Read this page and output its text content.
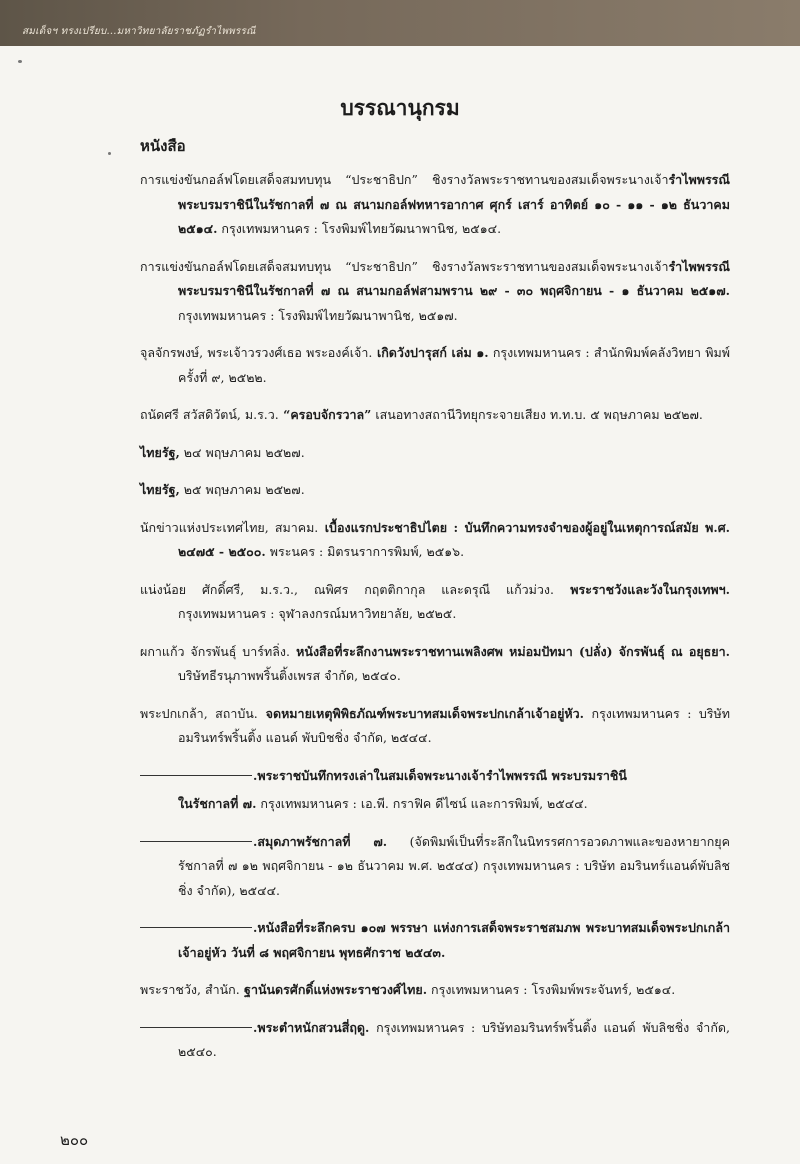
สมเด็จฯ ทรงเปรียบ...มหาวิทยาลัยราชภัฏรำไพพรรณี
บรรณานุกรม
หนังสือ

การแข่งขันกอล์ฟโดยเสด็จสมทบทุน “ประชาธิปก” ชิงรางวัลพระราชทานของสมเด็จพระนางเจ้ารำไพพรรณี พระบรมราชินีในรัชกาลที่ ๗ ณ สนามกอล์ฟทหารอากาศ ศุกร์ เสาร์ อาทิตย์ ๑๐ - ๑๑ - ๑๒ ธันวาคม ๒๕๑๔. กรุงเทพมหานคร : โรงพิมพ์ไทยวัฒนาพานิช, ๒๕๑๔.

การแข่งขันกอล์ฟโดยเสด็จสมทบทุน “ประชาธิปก” ชิงรางวัลพระราชทานของสมเด็จพระนางเจ้ารำไพพรรณี พระบรมราชินีในรัชกาลที่ ๗ ณ สนามกอล์ฟสามพราน ๒๙ - ๓๐ พฤศจิกายน - ๑ ธันวาคม ๒๕๑๗. กรุงเทพมหานคร : โรงพิมพ์ไทยวัฒนาพานิช, ๒๕๑๗.

จุลจักรพงษ์, พระเจ้าวรวงศ์เธอ พระองค์เจ้า. เกิดวังปารุสก์ เล่ม ๑. กรุงเทพมหานคร : สำนักพิมพ์คลังวิทยา พิมพ์ครั้งที่ ๙, ๒๕๒๒.

ถนัดศรี สวัสดิวัตน์, ม.ร.ว. “ครอบจักรวาล” เสนอทางสถานีวิทยุกระจายเสียง ท.ท.บ. ๕ พฤษภาคม ๒๕๒๗.

ไทยรัฐ, ๒๔ พฤษภาคม ๒๕๒๗.

ไทยรัฐ, ๒๕ พฤษภาคม ๒๕๒๗.

นักข่าวแห่งประเทศไทย, สมาคม. เบื้องแรกประชาธิปไตย : บันทึกความทรงจำของผู้อยู่ในเหตุการณ์สมัย พ.ศ. ๒๔๗๕ - ๒๕๐๐. พระนคร : มิตรนราการพิมพ์, ๒๕๑๖.

แน่งน้อย ศักดิ์ศรี, ม.ร.ว., ณพิศร กฤตติกากุล และดรุณี แก้วม่วง. พระราชวังและวังในกรุงเทพฯ. กรุงเทพมหานคร : จุฬาลงกรณ์มหาวิทยาลัย, ๒๕๒๕.

ผกาแก้ว จักรพันธุ์ บาร์ทลิ่ง. หนังสือที่ระลึกงานพระราชทานเพลิงศพ หม่อมปัทมา (ปลั่ง) จักรพันธุ์ ณ อยุธยา. บริษัทธีรนุภาพพริ้นติ้งเพรส จำกัด, ๒๕๔๐.

พระปกเกล้า, สถาบัน. จดหมายเหตุพิพิธภัณฑ์พระบาทสมเด็จพระปกเกล้าเจ้าอยู่หัว. กรุงเทพมหานคร : บริษัท อมรินทร์พริ้นติ้ง แอนด์ พับบิชชิ่ง จำกัด, ๒๕๔๔.

.พระราชบันทึกทรงเล่าในสมเด็จพระนางเจ้ารำไพพรรณี พระบรมราชินี

ในรัชกาลที่ ๗. กรุงเทพมหานคร : เอ.พี. กราฟิค ดีไซน์ และการพิมพ์, ๒๕๔๔.

.สมุดภาพรัชกาลที่ ๗. (จัดพิมพ์เป็นที่ระลึกในนิทรรศการอวดภาพและของหายากยุครัชกาลที่ ๗ ๑๒ พฤศจิกายน - ๑๒ ธันวาคม พ.ศ. ๒๕๔๔) กรุงเทพมหานคร : บริษัท อมรินทร์แอนด์พับลิชชิ่ง จำกัด), ๒๕๔๔.

.หนังสือที่ระลึกครบ ๑๐๗ พรรษา แห่งการเสด็จพระราชสมภพ พระบาทสมเด็จพระปกเกล้าเจ้าอยู่หัว วันที่ ๘ พฤศจิกายน พุทธศักราช ๒๕๔๓.

พระราชวัง, สำนัก. ฐานันดรศักดิ์แห่งพระราชวงศ์ไทย. กรุงเทพมหานคร : โรงพิมพ์พระจันทร์, ๒๕๑๔.

.พระตำหนักสวนสี่ฤดู. กรุงเทพมหานคร : บริษัทอมรินทร์พริ้นติ้ง แอนด์ พับลิชชิ่ง จำกัด, ๒๕๔๐.

๒๐๐
